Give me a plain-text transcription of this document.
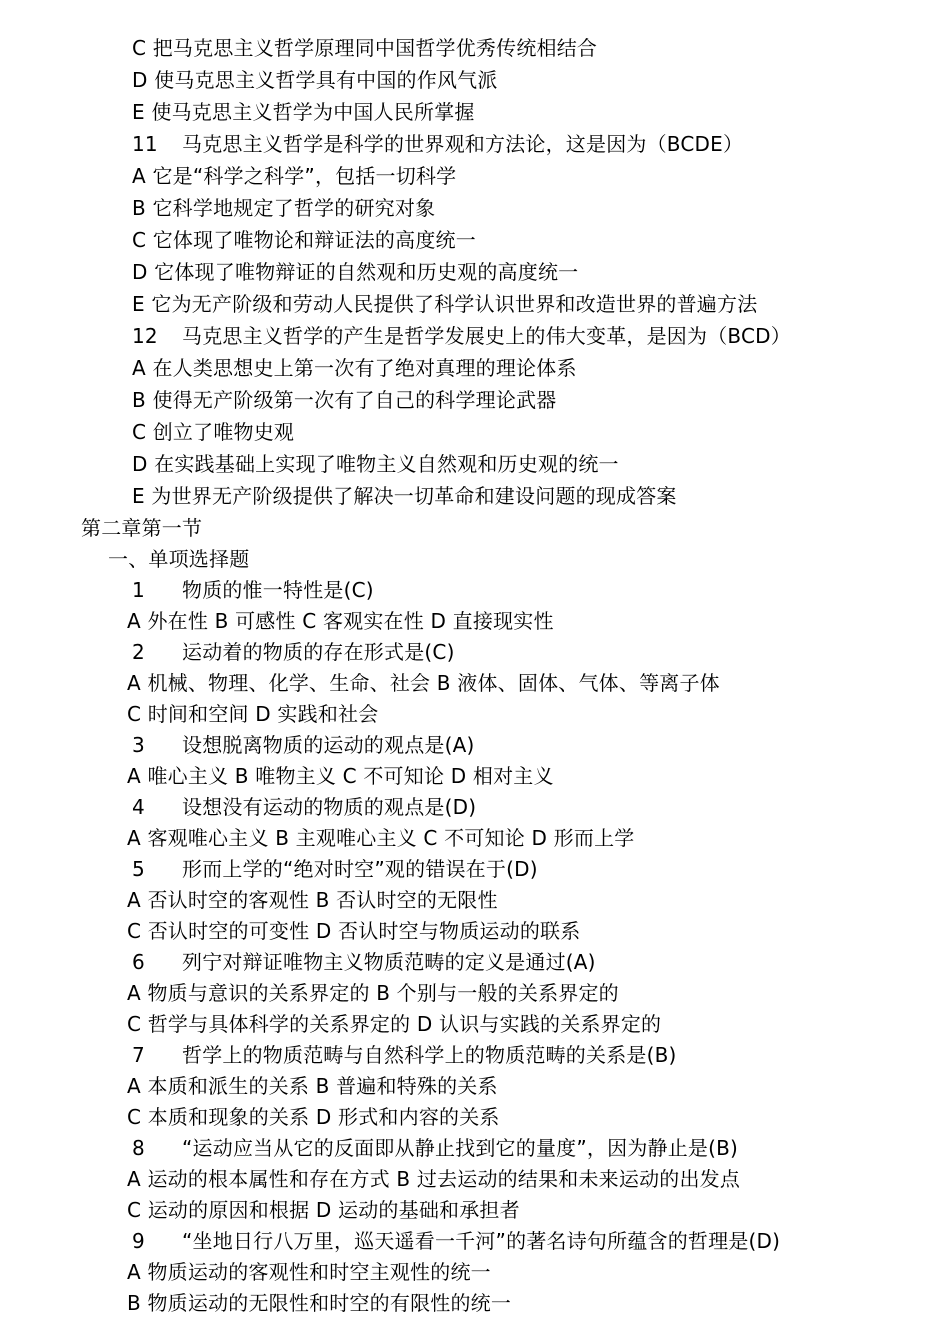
C 把马克思主义哲学原理同中国哲学优秀传统相结合
D 使马克思主义哲学具有中国的作风气派
E 使马克思主义哲学为中国人民所掌握
11 马克思主义哲学是科学的世界观和方法论，这是因为（BCDE）
A 它是“科学之科学”，包括一切科学
B 它科学地规定了哲学的研究对象
C 它体现了唯物论和辩证法的高度统一
D 它体现了唯物辩证的自然观和历史观的高度统一
E 它为无产阶级和劳动人民提供了科学认识世界和改造世界的普遍方法
12 马克思主义哲学的产生是哲学发展史上的伟大变革，是因为（BCD）
A 在人类思想史上第一次有了绝对真理的理论体系
B 使得无产阶级第一次有了自己的科学理论武器
C 创立了唯物史观
D 在实践基础上实现了唯物主义自然观和历史观的统一
E 为世界无产阶级提供了解决一切革命和建设问题的现成答案
第二章第一节
一、单项选择题
1 物质的惟一特性是(C)
A 外在性 B 可感性 C 客观实在性 D 直接现实性
2 运动着的物质的存在形式是(C)
A 机械、物理、化学、生命、社会 B 液体、固体、气体、等离子体
C 时间和空间 D 实践和社会
3 设想脱离物质的运动的观点是(A)
A 唯心主义 B 唯物主义 C 不可知论 D 相对主义
4 设想没有运动的物质的观点是(D)
A 客观唯心主义 B 主观唯心主义 C 不可知论 D 形而上学
5 形而上学的“绝对时空”观的错误在于(D)
A 否认时空的客观性 B 否认时空的无限性
C 否认时空的可变性 D 否认时空与物质运动的联系
6 列宁对辩证唯物主义物质范畴的定义是通过(A)
A 物质与意识的关系界定的 B 个别与一般的关系界定的
C 哲学与具体科学的关系界定的 D 认识与实践的关系界定的
7 哲学上的物质范畴与自然科学上的物质范畴的关系是(B)
A 本质和派生的关系 B 普遍和特殊的关系
C 本质和现象的关系 D 形式和内容的关系
8 “运动应当从它的反面即从静止找到它的量度”，因为静止是(B)
A 运动的根本属性和存在方式 B 过去运动的结果和未来运动的出发点
C 运动的原因和根据 D 运动的基础和承担者
9 “坐地日行八万里，巡天遥看一千河”的著名诗句所蕴含的哲理是(D)
A 物质运动的客观性和时空主观性的统一
B 物质运动的无限性和时空的有限性的统一
